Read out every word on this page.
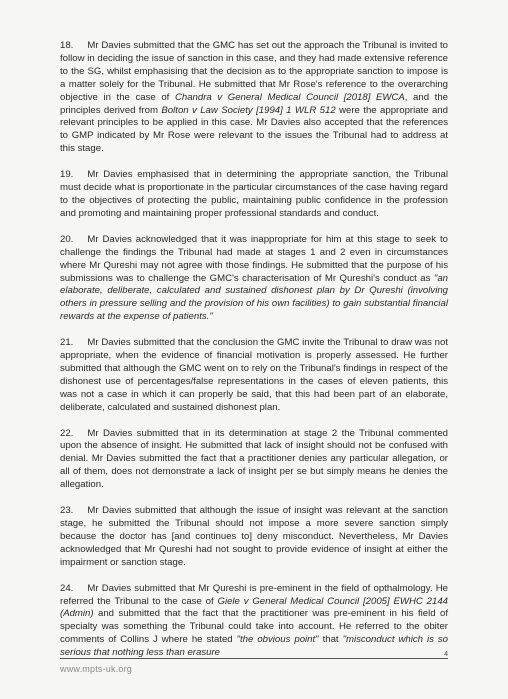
18. Mr Davies submitted that the GMC has set out the approach the Tribunal is invited to follow in deciding the issue of sanction in this case, and they had made extensive reference to the SG, whilst emphasising that the decision as to the appropriate sanction to impose is a matter solely for the Tribunal. He submitted that Mr Rose's reference to the overarching objective in the case of Chandra v General Medical Council [2018] EWCA, and the principles derived from Bolton v Law Society [1994] 1 WLR 512 were the appropriate and relevant principles to be applied in this case. Mr Davies also accepted that the references to GMP indicated by Mr Rose were relevant to the issues the Tribunal had to address at this stage.

19. Mr Davies emphasised that in determining the appropriate sanction, the Tribunal must decide what is proportionate in the particular circumstances of the case having regard to the objectives of protecting the public, maintaining public confidence in the profession and promoting and maintaining proper professional standards and conduct.

20. Mr Davies acknowledged that it was inappropriate for him at this stage to seek to challenge the findings the Tribunal had made at stages 1 and 2 even in circumstances where Mr Qureshi may not agree with those findings. He submitted that the purpose of his submissions was to challenge the GMC's characterisation of Mr Qureshi's conduct as "an elaborate, deliberate, calculated and sustained dishonest plan by Dr Qureshi (involving others in pressure selling and the provision of his own facilities) to gain substantial financial rewards at the expense of patients."

21. Mr Davies submitted that the conclusion the GMC invite the Tribunal to draw was not appropriate, when the evidence of financial motivation is properly assessed. He further submitted that although the GMC went on to rely on the Tribunal's findings in respect of the dishonest use of percentages/false representations in the cases of eleven patients, this was not a case in which it can properly be said, that this had been part of an elaborate, deliberate, calculated and sustained dishonest plan.

22. Mr Davies submitted that in its determination at stage 2 the Tribunal commented upon the absence of insight. He submitted that lack of insight should not be confused with denial. Mr Davies submitted the fact that a practitioner denies any particular allegation, or all of them, does not demonstrate a lack of insight per se but simply means he denies the allegation.

23. Mr Davies submitted that although the issue of insight was relevant at the sanction stage, he submitted the Tribunal should not impose a more severe sanction simply because the doctor has [and continues to] deny misconduct. Nevertheless, Mr Davies acknowledged that Mr Qureshi had not sought to provide evidence of insight at either the impairment or sanction stage.

24. Mr Davies submitted that Mr Qureshi is pre-eminent in the field of opthalmology. He referred the Tribunal to the case of Giele v General Medical Council [2005] EWHC 2144 (Admin) and submitted that the fact that the practitioner was pre-eminent in his field of specialty was something the Tribunal could take into account. He referred to the obiter comments of Collins J where he stated "the obvious point" that "misconduct which is so serious that nothing less than erasure

www.mpts-uk.org
4
